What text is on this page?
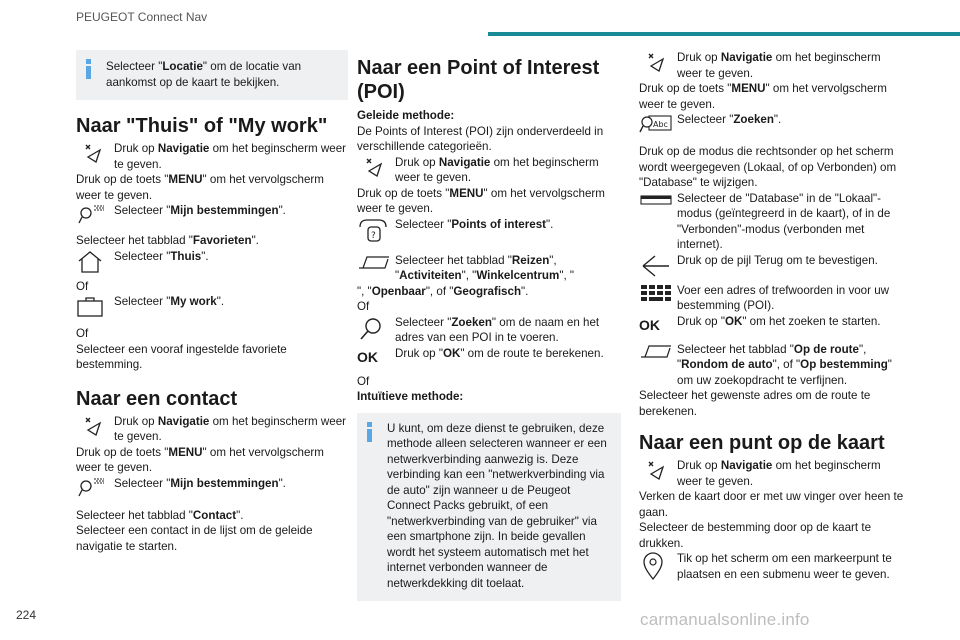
PEUGEOT Connect Nav
Selecteer "Locatie" om de locatie van aankomst op de kaart te bekijken.
Naar "Thuis" of "My work"
Druk op Navigatie om het beginscherm weer te geven.

Druk op de toets "MENU" om het vervolgscherm weer te geven.

Selecteer "Mijn bestemmingen".

Selecteer het tabblad "Favorieten".

Selecteer "Thuis".

Of

Selecteer "My work".

Of

Selecteer een vooraf ingestelde favoriete bestemming.

Naar een contact
Druk op Navigatie om het beginscherm weer te geven.

Druk op de toets "MENU" om het vervolgscherm weer te geven.

Selecteer "Mijn bestemmingen".

Selecteer het tabblad "Contact".

Selecteer een contact in de lijst om de geleide navigatie te starten.

Naar een Point of Interest (POI)

Geleide methode:

De Points of Interest (POI) zijn onderverdeeld in verschillende categorieën.

Druk op Navigatie om het beginscherm weer te geven.

Druk op de toets "MENU" om het vervolgscherm weer te geven.

?
Selecteer "Points of interest".
Selecteer het tabblad "Reizen", "Activiteiten", "Winkelcentrum", "

", "Openbaar", of "Geografisch".

Of

Selecteer "Zoeken" om de naam en het adres van een POI in te voeren.
OK	Druk op "OK" om de route te berekenen.

Of

Intuïtieve methode:

U kunt, om deze dienst te gebruiken, deze methode alleen selecteren wanneer er een netwerkverbinding aanwezig is. Deze verbinding kan een "netwerkverbinding via de auto" zijn wanneer u de Peugeot Connect Packs gebruikt, of een "netwerkverbinding van de gebruiker" via een smartphone zijn. In beide gevallen wordt het systeem automatisch met het internet verbonden wanneer de netwerkdekking dit toelaat.
Druk op Navigatie om het beginscherm weer te geven.

Druk op de toets "MENU" om het vervolgscherm weer te geven.

Abc Selecteer "Zoeken".

Druk op de modus die rechtsonder op het scherm wordt weergegeven (Lokaal, of op Verbonden) om "Database" te wijzigen.

Selecteer de "Database" in de "Lokaal"-modus (geïntegreerd in de kaart), of in de "Verbonden"-modus (verbonden met internet).
Druk op de pijl Terug om te bevestigen.
Voer een adres of trefwoorden in voor uw bestemming (POI).
OK	Druk op "OK" om het zoeken te starten.
Selecteer het tabblad "Op de route", "Rondom de auto", of "Op bestemming" om uw zoekopdracht te verfijnen.

Selecteer het gewenste adres om de route te berekenen.

Naar een punt op de kaart
Druk op Navigatie om het beginscherm weer te geven.

Verken de kaart door er met uw vinger over heen te gaan.

Selecteer de bestemming door op de kaart te drukken.

Tik op het scherm om een markeerpunt te plaatsen en een submenu weer te geven.
224	carmanualsonline.info
